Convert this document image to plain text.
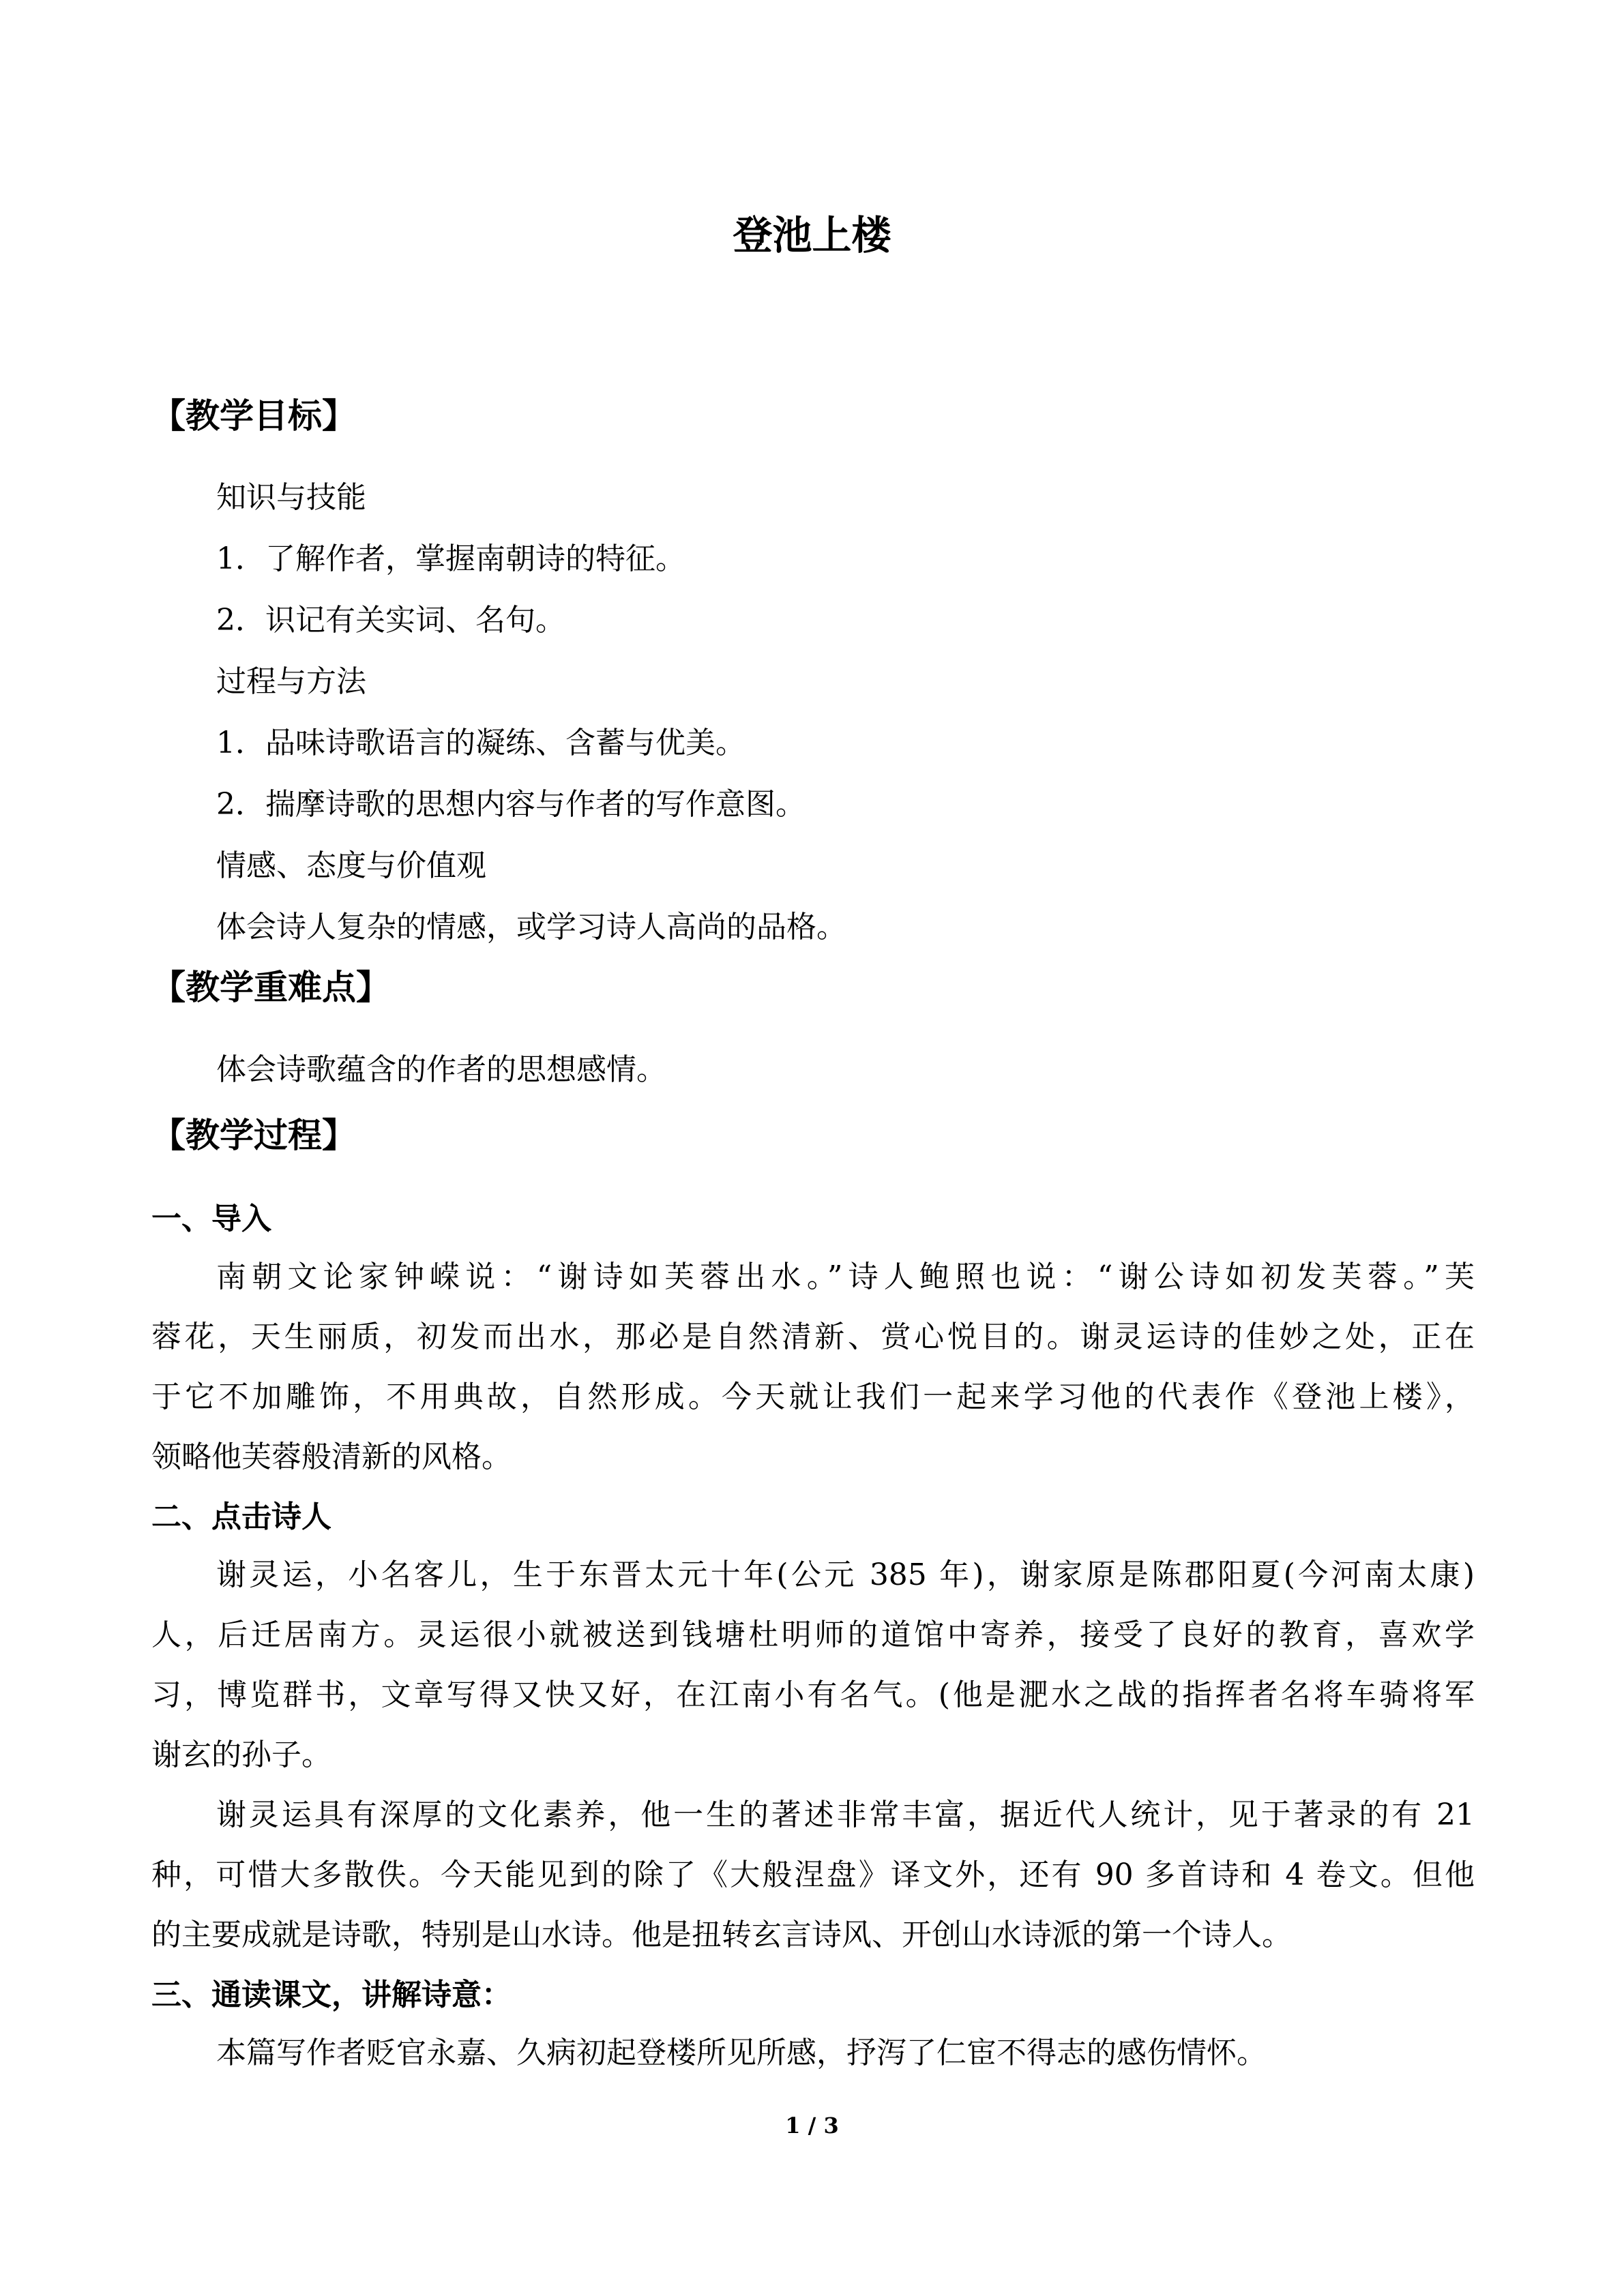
登池上楼
【教学目标】
知识与技能
1．了解作者，掌握南朝诗的特征。
2．识记有关实词、名句。
过程与方法
1．品味诗歌语言的凝练、含蓄与优美。
2．揣摩诗歌的思想内容与作者的写作意图。
情感、态度与价值观
体会诗人复杂的情感，或学习诗人高尚的品格。
【教学重难点】
体会诗歌蕴含的作者的思想感情。
【教学过程】
一、导入
南朝文论家钟嵘说：“谢诗如芙蓉出水。”诗人鲍照也说：“谢公诗如初发芙蓉。”芙
蓉花，天生丽质，初发而出水，那必是自然清新、赏心悦目的。谢灵运诗的佳妙之处，正在
于它不加雕饰，不用典故，自然形成。今天就让我们一起来学习他的代表作《登池上楼》，
领略他芙蓉般清新的风格。
二、点击诗人
谢灵运，小名客儿，生于东晋太元十年(公元 385 年)，谢家原是陈郡阳夏(今河南太康)
人，后迁居南方。灵运很小就被送到钱塘杜明师的道馆中寄养，接受了良好的教育，喜欢学
习，博览群书，文章写得又快又好，在江南小有名气。(他是淝水之战的指挥者名将车骑将军
谢玄的孙子。
谢灵运具有深厚的文化素养，他一生的著述非常丰富，据近代人统计，见于著录的有 21
种，可惜大多散佚。今天能见到的除了《大般涅盘》译文外，还有 90 多首诗和 4 卷文。但他
的主要成就是诗歌，特别是山水诗。他是扭转玄言诗风、开创山水诗派的第一个诗人。
三、通读课文，讲解诗意：
本篇写作者贬官永嘉、久病初起登楼所见所感，抒泻了仁宦不得志的感伤情怀。
1 / 3
